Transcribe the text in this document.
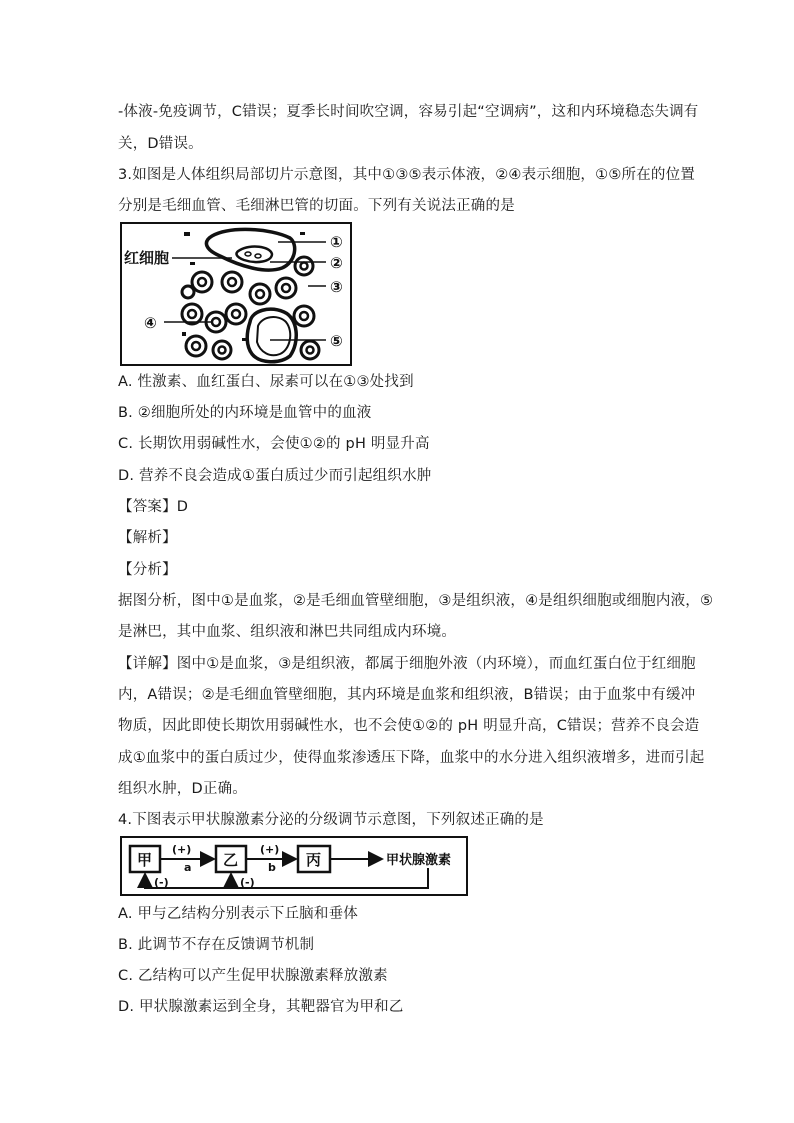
-体液-免疫调节，C错误；夏季长时间吹空调，容易引起“空调病”，这和内环境稳态失调有
关，D错误。
3.如图是人体组织局部切片示意图，其中①③⑤表示体液，②④表示细胞，①⑤所在的位置
分别是毛细血管、毛细淋巴管的切面。下列有关说法正确的是
红细胞
①
②
③
④
⑤
A. 性激素、血红蛋白、尿素可以在①③处找到
B. ②细胞所处的内环境是血管中的血液
C. 长期饮用弱碱性水，会使①②的 pH 明显升高
D. 营养不良会造成①蛋白质过少而引起组织水肿
【答案】D
【解析】
【分析】
据图分析，图中①是血浆，②是毛细血管壁细胞，③是组织液，④是组织细胞或细胞内液，⑤
是淋巴，其中血浆、组织液和淋巴共同组成内环境。
【详解】图中①是血浆，③是组织液，都属于细胞外液（内环境），而血红蛋白位于红细胞
内，A错误；②是毛细血管壁细胞，其内环境是血浆和组织液，B错误；由于血浆中有缓冲
物质，因此即使长期饮用弱碱性水，也不会使①②的 pH 明显升高，C错误；营养不良会造
成①血浆中的蛋白质过少，使得血浆渗透压下降，血浆中的水分进入组织液增多，进而引起
组织水肿，D正确。
4.下图表示甲状腺激素分泌的分级调节示意图，下列叙述正确的是
甲	乙	丙
(+)
a
(+)
b	甲状腺激素
(-)	(-)
A. 甲与乙结构分别表示下丘脑和垂体
B. 此调节不存在反馈调节机制
C. 乙结构可以产生促甲状腺激素释放激素
D. 甲状腺激素运到全身，其靶器官为甲和乙
